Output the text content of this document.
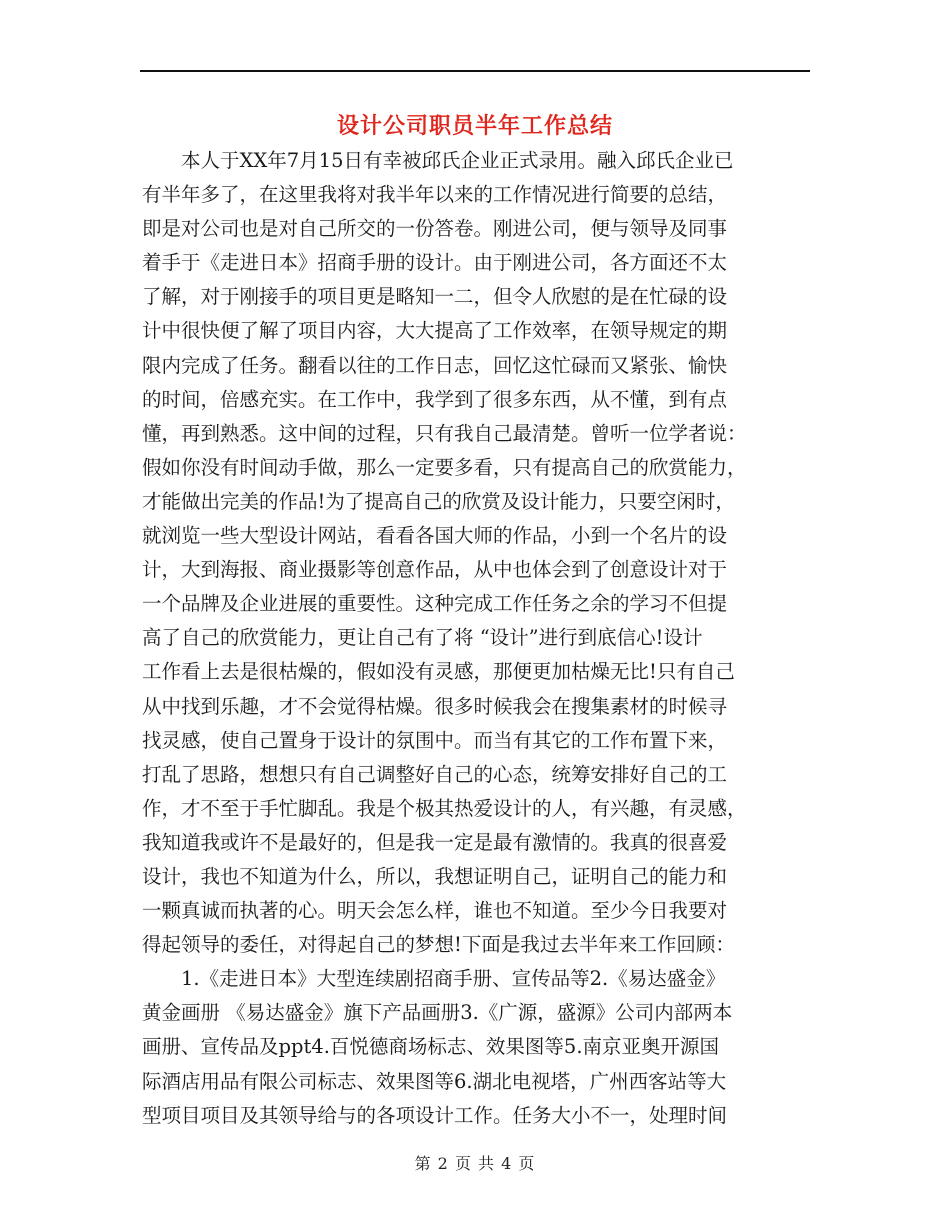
设计公司职员半年工作总结
　　本人于XX年7月15日有幸被邱氏企业正式录用。融入邱氏企业已
有半年多了，在这里我将对我半年以来的工作情况进行简要的总结，
即是对公司也是对自己所交的一份答卷。刚进公司，便与领导及同事
着手于《走进日本》招商手册的设计。由于刚进公司，各方面还不太
了解，对于刚接手的项目更是略知一二，但令人欣慰的是在忙碌的设
计中很快便了解了项目内容，大大提高了工作效率，在领导规定的期
限内完成了任务。翻看以往的工作日志，回忆这忙碌而又紧张、愉快
的时间，倍感充实。在工作中，我学到了很多东西，从不懂，到有点
懂，再到熟悉。这中间的过程，只有我自己最清楚。曾听一位学者说：
假如你没有时间动手做，那么一定要多看，只有提高自己的欣赏能力，
才能做出完美的作品!为了提高自己的欣赏及设计能力，只要空闲时，
就浏览一些大型设计网站，看看各国大师的作品，小到一个名片的设
计，大到海报、商业摄影等创意作品，从中也体会到了创意设计对于
一个品牌及企业进展的重要性。这种完成工作任务之余的学习不但提
高了自己的欣赏能力，更让自己有了将 “设计”进行到底信心!设计
工作看上去是很枯燥的，假如没有灵感，那便更加枯燥无比!只有自己
从中找到乐趣，才不会觉得枯燥。很多时候我会在搜集素材的时候寻
找灵感，使自己置身于设计的氛围中。而当有其它的工作布置下来，
打乱了思路，想想只有自己调整好自己的心态，统筹安排好自己的工
作，才不至于手忙脚乱。我是个极其热爱设计的人，有兴趣，有灵感，
我知道我或许不是最好的，但是我一定是最有激情的。我真的很喜爱
设计，我也不知道为什么，所以，我想证明自己，证明自己的能力和
一颗真诚而执著的心。明天会怎么样，谁也不知道。至少今日我要对
得起领导的委任，对得起自己的梦想!下面是我过去半年来工作回顾：
　　1.《走进日本》大型连续剧招商手册、宣传品等2.《易达盛金》
黄金画册 《易达盛金》旗下产品画册3.《广源，盛源》公司内部两本
画册、宣传品及ppt4.百悦德商场标志、效果图等5.南京亚奥开源国
际酒店用品有限公司标志、效果图等6.湖北电视塔，广州西客站等大
型项目项目及其领导给与的各项设计工作。任务大小不一，处理时间
第 2 页 共 4 页
